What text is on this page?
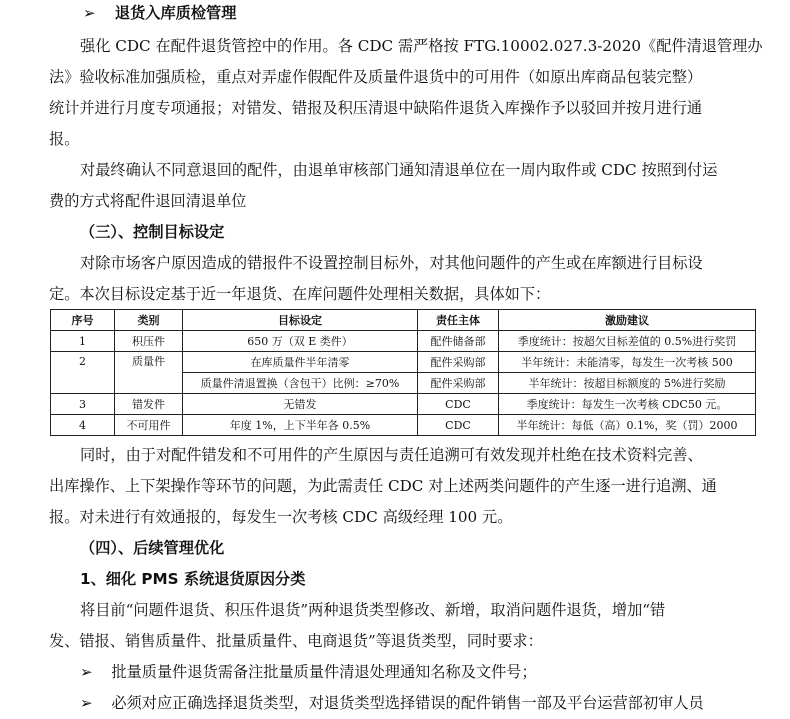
➢ 退货入库质检管理
强化 CDC 在配件退货管控中的作用。各 CDC 需严格按 FTG.10002.027.3-2020《配件清退管理办
法》验收标准加强质检，重点对弄虚作假配件及质量件退货中的可用件（如原出库商品包装完整）
统计并进行月度专项通报；对错发、错报及积压清退中缺陷件退货入库操作予以驳回并按月进行通
报。
对最终确认不同意退回的配件，由退单审核部门通知清退单位在一周内取件或 CDC 按照到付运
费的方式将配件退回清退单位
（三）、控制目标设定
对除市场客户原因造成的错报件不设置控制目标外，对其他问题件的产生或在库额进行目标设
定。本次目标设定基于近一年退货、在库问题件处理相关数据，具体如下：
序号	类别	目标设定	责任主体	激励建议
1	积压件	650 万（双 E 类件）	配件储备部	季度统计：按超欠目标差值的 0.5%进行奖罚
2	质量件	在库质量件半年清零	配件采购部	半年统计：未能清零，每发生一次考核 500
		质量件清退置换（含包干）比例：≥70%	配件采购部	半年统计：按超目标额度的 5%进行奖励
3	错发件	无错发	CDC	季度统计：每发生一次考核 CDC50 元。
4	不可用件	年度 1%，上下半年各 0.5%	CDC	半年统计：每低（高）0.1%，奖（罚）2000
同时，由于对配件错发和不可用件的产生原因与责任追溯可有效发现并杜绝在技术资料完善、
出库操作、上下架操作等环节的问题，为此需责任 CDC 对上述两类问题件的产生逐一进行追溯、通
报。对未进行有效通报的，每发生一次考核 CDC 高级经理 100 元。
（四）、后续管理优化
1、细化 PMS 系统退货原因分类
将目前“问题件退货、积压件退货”两种退货类型修改、新增，取消问题件退货，增加“错
发、错报、销售质量件、批量质量件、电商退货”等退货类型，同时要求：
➢ 批量质量件退货需备注批量质量件清退处理通知名称及文件号；
➢ 必须对应正确选择退货类型，对退货类型选择错误的配件销售一部及平台运营部初审人员
